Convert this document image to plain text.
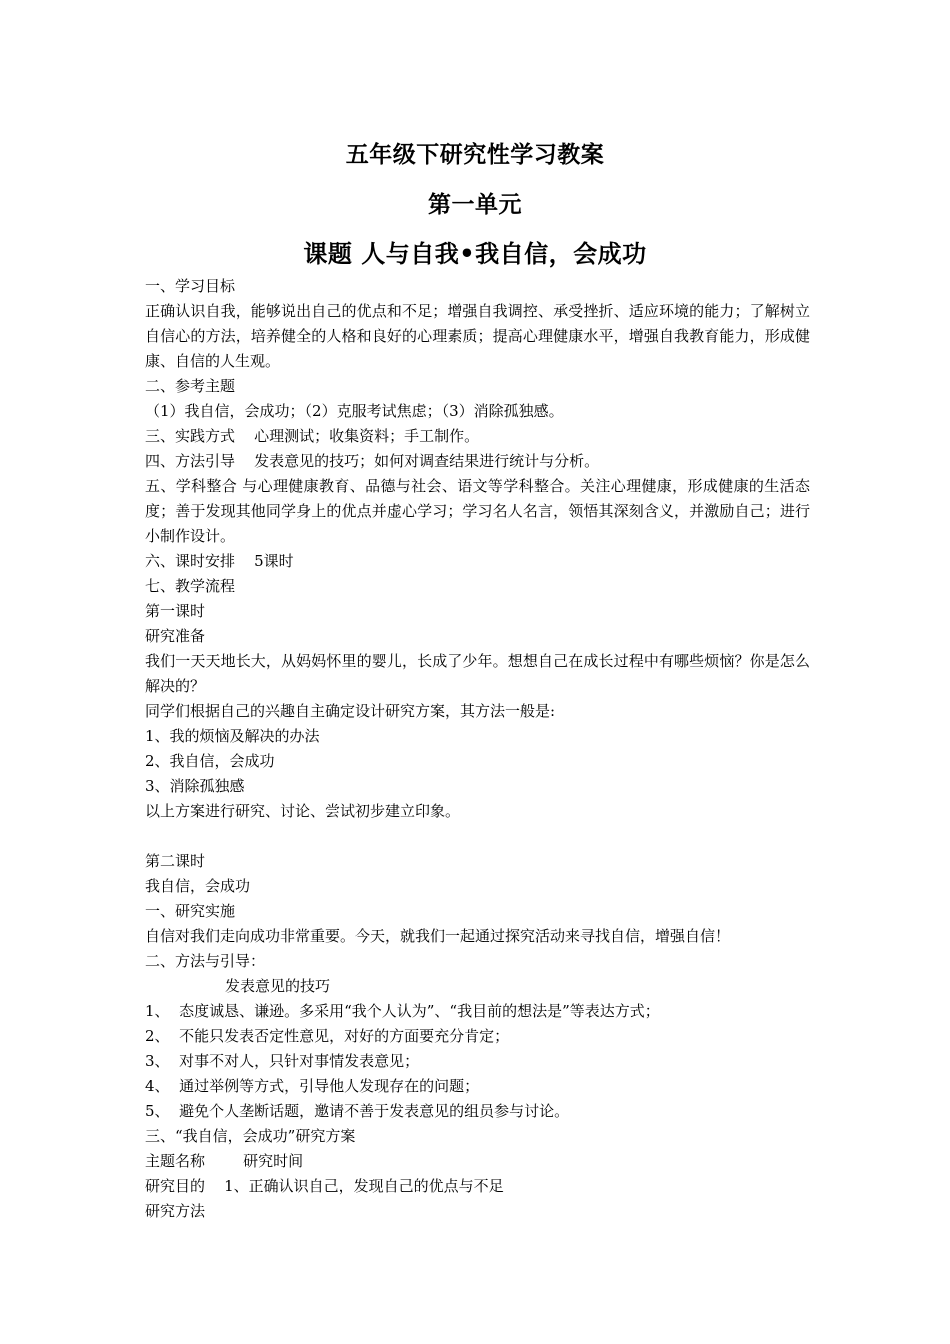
五年级下研究性学习教案
第一单元
课题 人与自我•我自信，会成功
一、学习目标
正确认识自我，能够说出自己的优点和不足；增强自我调控、承受挫折、适应环境的能力；了解树立自信心的方法，培养健全的人格和良好的心理素质；提高心理健康水平，增强自我教育能力，形成健康、自信的人生观。
二、参考主题
（1）我自信，会成功；（2）克服考试焦虑；（3）消除孤独感。
三、实践方式    心理测试；收集资料；手工制作。
四、方法引导    发表意见的技巧；如何对调查结果进行统计与分析。
五、学科整合 与心理健康教育、品德与社会、语文等学科整合。关注心理健康，形成健康的生活态度；善于发现其他同学身上的优点并虚心学习；学习名人名言，领悟其深刻含义，并激励自己；进行小制作设计。
六、课时安排    5课时
七、教学流程
第一课时
研究准备
我们一天天地长大，从妈妈怀里的婴儿，长成了少年。想想自己在成长过程中有哪些烦恼？你是怎么解决的？
同学们根据自己的兴趣自主确定设计研究方案，其方法一般是:
1、我的烦恼及解决的办法
2、我自信，会成功
3、消除孤独感
以上方案进行研究、讨论、尝试初步建立印象。
第二课时
我自信，会成功
一、研究实施
自信对我们走向成功非常重要。今天，就我们一起通过探究活动来寻找自信，增强自信！
二、方法与引导：
发表意见的技巧
1、  态度诚恳、谦逊。多采用“我个人认为”、“我目前的想法是”等表达方式；
2、  不能只发表否定性意见，对好的方面要充分肯定；
3、  对事不对人，只针对事情发表意见；
4、  通过举例等方式，引导他人发现存在的问题；
5、  避免个人垄断话题，邀请不善于发表意见的组员参与讨论。
三、“我自信，会成功”研究方案
主题名称        研究时间
研究目的    1、正确认识自己，发现自己的优点与不足
研究方法
